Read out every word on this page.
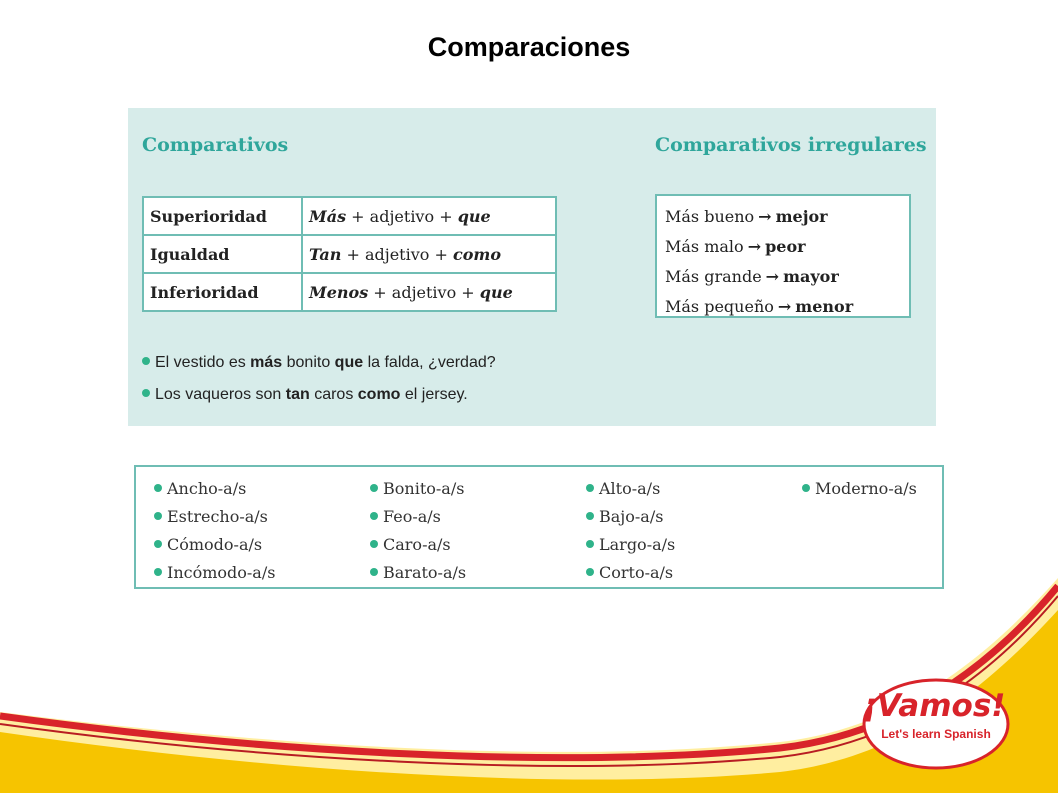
Comparaciones
Comparativos	Comparativos irregulares
Superioridad	Más + adjetivo + que
Igualdad	Tan + adjetivo + como
Inferioridad	Menos + adjetivo + que
Más bueno → mejor
Más malo → peor
Más grande → mayor
Más pequeño → menor
El vestido es más bonito que la falda, ¿verdad?
Los vaqueros son tan caros como el jersey.
Ancho-a/s
Estrecho-a/s
Cómodo-a/s
Incómodo-a/s
Bonito-a/s
Feo-a/s
Caro-a/s
Barato-a/s
Alto-a/s
Bajo-a/s
Largo-a/s
Corto-a/s
Moderno-a/s
¡Vamos!
Let's learn Spanish
